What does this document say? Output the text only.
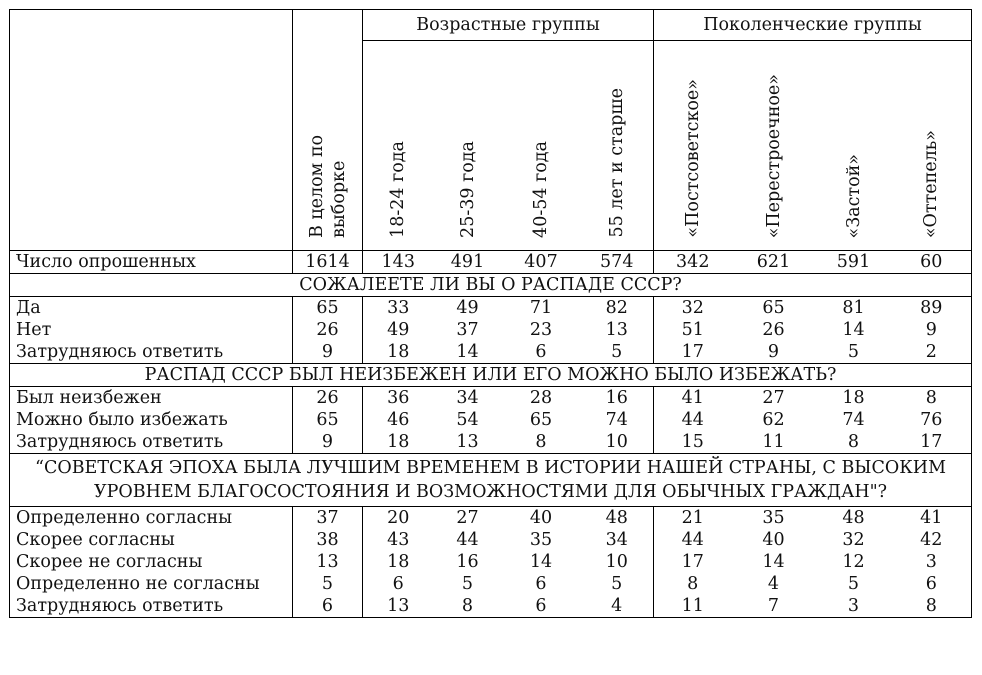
	В целом по выборке	Возрастные группы				Поколенческие группы			
		18-24 года	25-39 года	40-54 года	55 лет и старше	«Постсоветское»	«Перестроечное»	«Застой»	«Оттепель»
Число опрошенных	1614	143	491	407	574	342	621	591	60
СОЖАЛЕЕТЕ ЛИ ВЫ О РАСПАДЕ СССР?									
Да	65	33	49	71	82	32	65	81	89
Нет	26	49	37	23	13	51	26	14	9
Затрудняюсь ответить	9	18	14	6	5	17	9	5	2
РАСПАД СССР БЫЛ НЕИЗБЕЖЕН ИЛИ ЕГО МОЖНО БЫЛО ИЗБЕЖАТЬ?									
Был неизбежен	26	36	34	28	16	41	27	18	8
Можно было избежать	65	46	54	65	74	44	62	74	76
Затрудняюсь ответить	9	18	13	8	10	15	11	8	17

“СОВЕТСКАЯ ЭПОХА БЫЛА ЛУЧШИМ ВРЕМЕНЕМ В ИСТОРИИ НАШЕЙ СТРАНЫ, С ВЫСОКИМ
УРОВНЕМ БЛАГОСОСТОЯНИЯ И ВОЗМОЖНОСТЯМИ ДЛЯ ОБЫЧНЫХ ГРАЖДАН"?									

Определенно согласны	37	20	27	40	48	21	35	48	41
Скорее согласны	38	43	44	35	34	44	40	32	42
Скорее не согласны	13	18	16	14	10	17	14	12	3
Определенно не согласны	5	6	5	6	5	8	4	5	6
Затрудняюсь ответить	6	13	8	6	4	11	7	3	8
